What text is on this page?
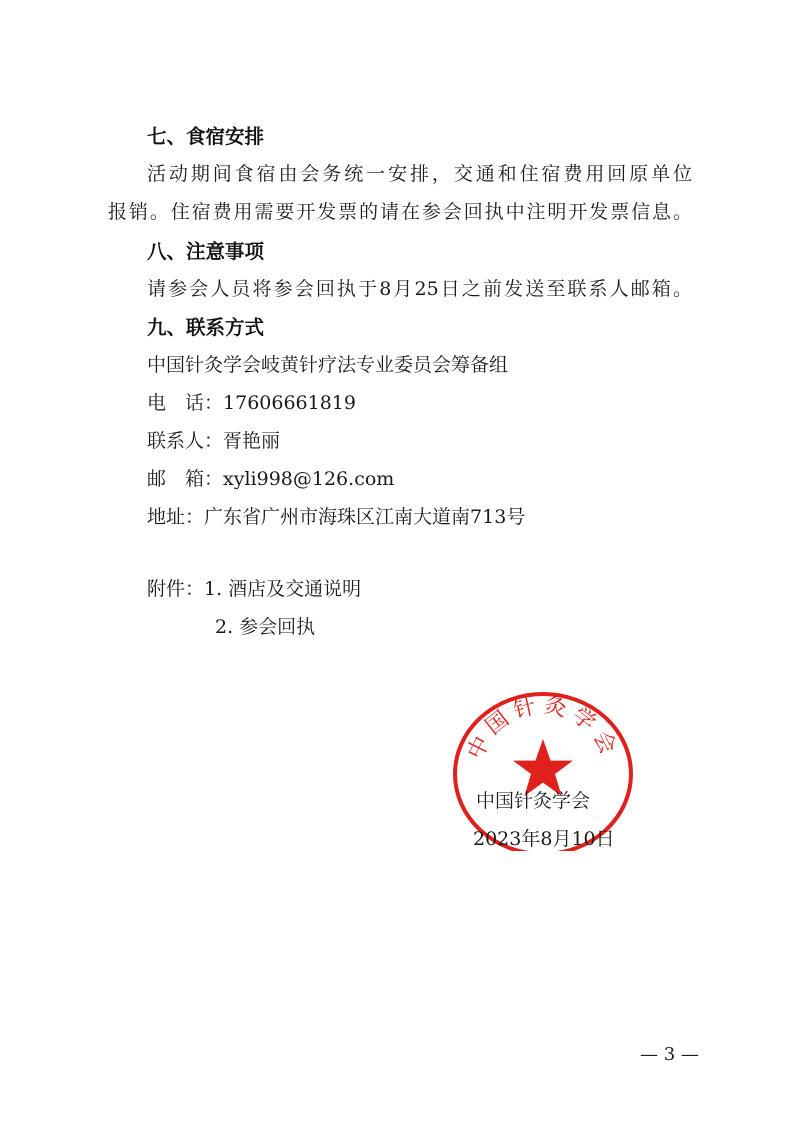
七、食宿安排
活动期间食宿由会务统一安排，交通和住宿费用回原单位
报销。住宿费用需要开发票的请在参会回执中注明开发票信息。
八、注意事项
请参会人员将参会回执于8月25日之前发送至联系人邮箱。
九、联系方式
中国针灸学会岐黄针疗法专业委员会筹备组
电　话：17606661819
联系人：胥艳丽
邮　箱：xyli998@126.com
地址：广东省广州市海珠区江南大道南713号
附件：1. 酒店及交通说明
2. 参会回执
中国针灸学会
中国针灸学会
2023年8月10日
— 3 —
